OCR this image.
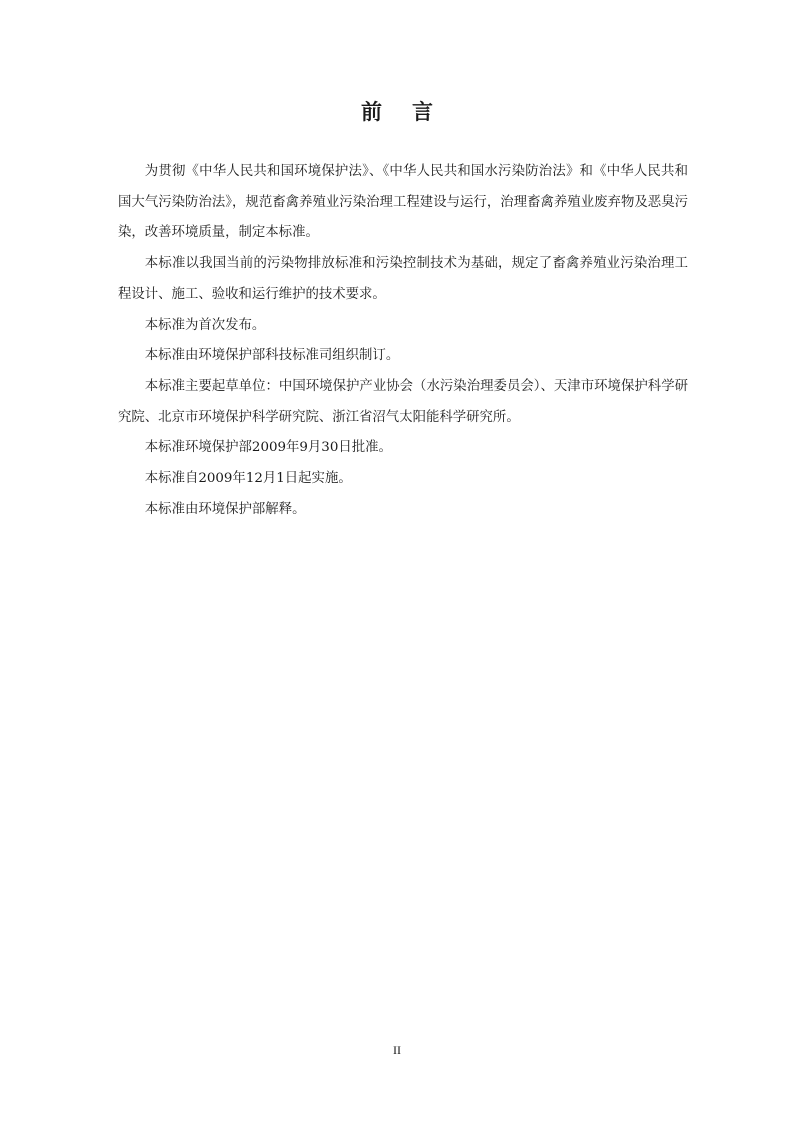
前言

为贯彻《中华人民共和国环境保护法》、《中华人民共和国水污染防治法》和《中华人民共和国大气污染防治法》，规范畜禽养殖业污染治理工程建设与运行，治理畜禽养殖业废弃物及恶臭污染，改善环境质量，制定本标准。

本标准以我国当前的污染物排放标准和污染控制技术为基础，规定了畜禽养殖业污染治理工程设计、施工、验收和运行维护的技术要求。

本标准为首次发布。

本标准由环境保护部科技标准司组织制订。

本标准主要起草单位：中国环境保护产业协会（水污染治理委员会）、天津市环境保护科学研究院、北京市环境保护科学研究院、浙江省沼气太阳能科学研究所。

本标准环境保护部2009年9月30日批准。

本标准自2009年12月1日起实施。

本标准由环境保护部解释。

II
